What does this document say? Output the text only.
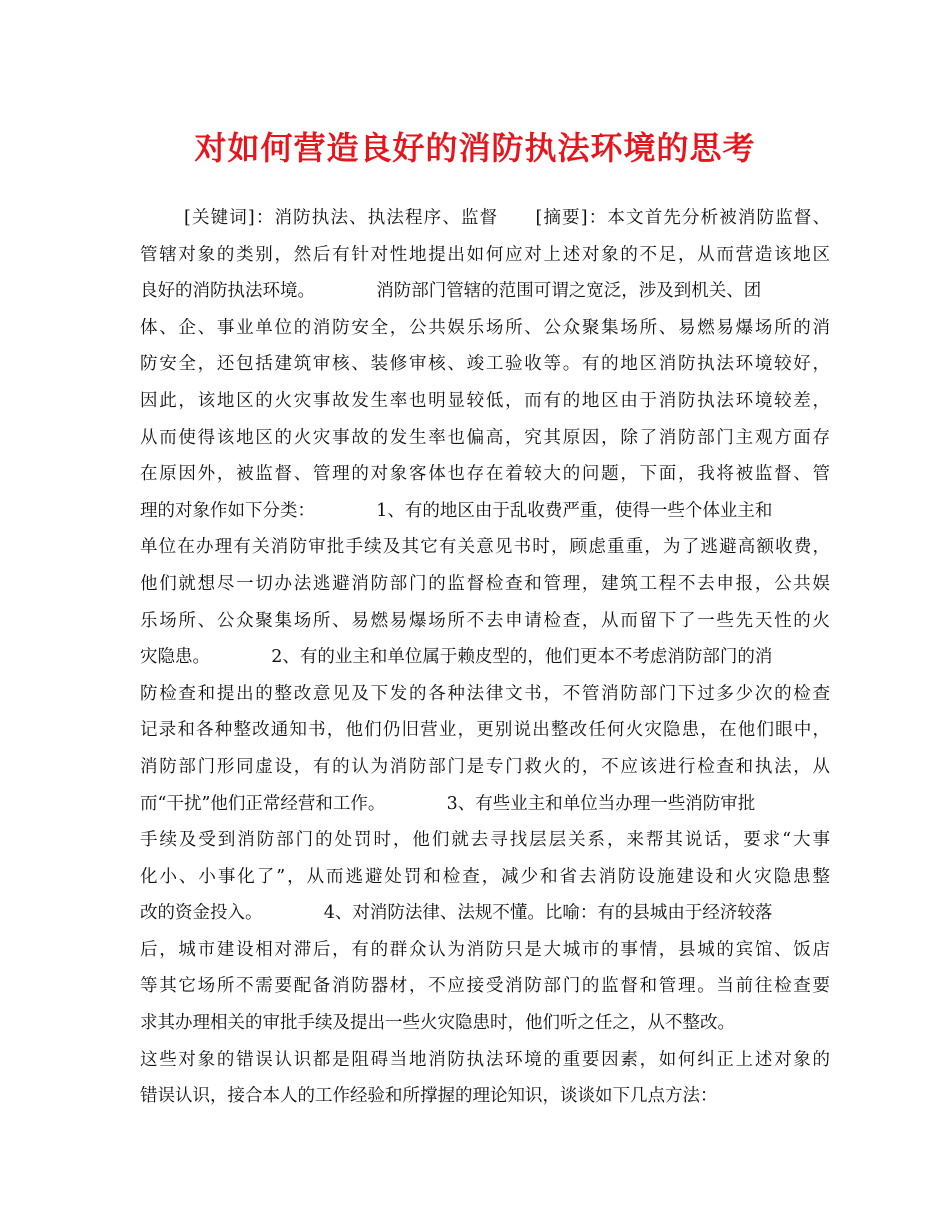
对如何营造良好的消防执法环境的思考
[关键词]：消防执法、执法程序、监督　　[摘要]：本文首先分析被消防监督、
管辖对象的类别，然后有针对性地提出如何应对上述对象的不足，从而营造该地区
良好的消防执法环境。　　　　消防部门管辖的范围可谓之宽泛，涉及到机关、团
体、企、事业单位的消防安全，公共娱乐场所、公众聚集场所、易燃易爆场所的消
防安全，还包括建筑审核、装修审核、竣工验收等。有的地区消防执法环境较好，
因此，该地区的火灾事故发生率也明显较低，而有的地区由于消防执法环境较差，
从而使得该地区的火灾事故的发生率也偏高，究其原因，除了消防部门主观方面存
在原因外，被监督、管理的对象客体也存在着较大的问题，下面，我将被监督、管
理的对象作如下分类：　　　　1、有的地区由于乱收费严重，使得一些个体业主和
单位在办理有关消防审批手续及其它有关意见书时，顾虑重重，为了逃避高额收费，
他们就想尽一切办法逃避消防部门的监督检查和管理，建筑工程不去申报，公共娱
乐场所、公众聚集场所、易燃易爆场所不去申请检查，从而留下了一些先天性的火
灾隐患。　　　　2、有的业主和单位属于赖皮型的，他们更本不考虑消防部门的消
防检查和提出的整改意见及下发的各种法律文书，不管消防部门下过多少次的检查
记录和各种整改通知书，他们仍旧营业，更别说出整改任何火灾隐患，在他们眼中，
消防部门形同虚设，有的认为消防部门是专门救火的，不应该进行检查和执法，从
而“干扰”他们正常经营和工作。　　　　3、有些业主和单位当办理一些消防审批
手续及受到消防部门的处罚时，他们就去寻找层层关系，来帮其说话，要求“大事
化小、小事化了”，从而逃避处罚和检查，减少和省去消防设施建设和火灾隐患整
改的资金投入。　　　　4、对消防法律、法规不懂。比喻：有的县城由于经济较落
后，城市建设相对滞后，有的群众认为消防只是大城市的事情，县城的宾馆、饭店
等其它场所不需要配备消防器材，不应接受消防部门的监督和管理。当前往检查要
求其办理相关的审批手续及提出一些火灾隐患时，他们听之任之，从不整改。
这些对象的错误认识都是阻碍当地消防执法环境的重要因素，如何纠正上述对象的
错误认识，接合本人的工作经验和所撑握的理论知识，谈谈如下几点方法：
